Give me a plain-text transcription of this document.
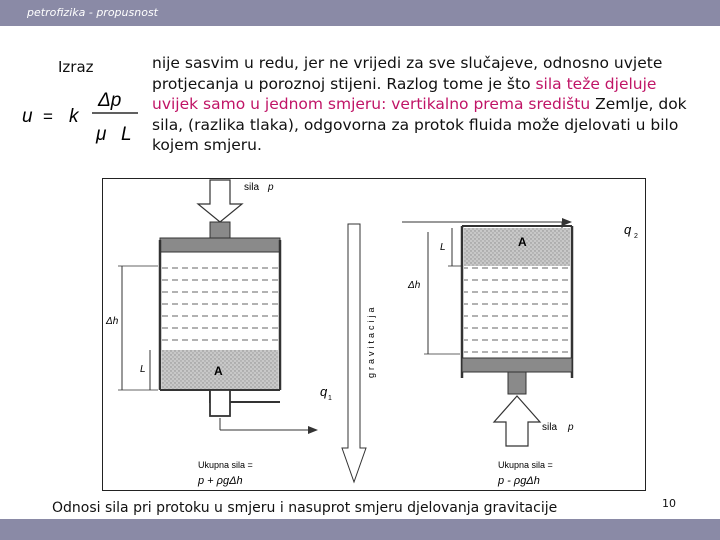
petrofizika - propusnost
Izraz
u = k
Δp
μ L
nije sasvim u redu, jer ne vrijedi za sve slučajeve, odnosno uvjete protjecanja u poroznoj stijeni. Razlog tome je što sila teže djeluje uvijek samo u jednom smjeru: vertikalno prema središtu Zemlje, dok sila, (razlika tlaka), odgovorna za protok fluida može djelovati u bilo kojem smjeru.
sila p
A
q 1
Δh
L
Ukupna sila =
p + ρgΔh
gravitacija
q 2
A
sila p
Δh
L
Ukupna sila =
p - ρgΔh
Odnosi sila pri protoku u smjeru i nasuprot smjeru djelovanja gravitacije	10
